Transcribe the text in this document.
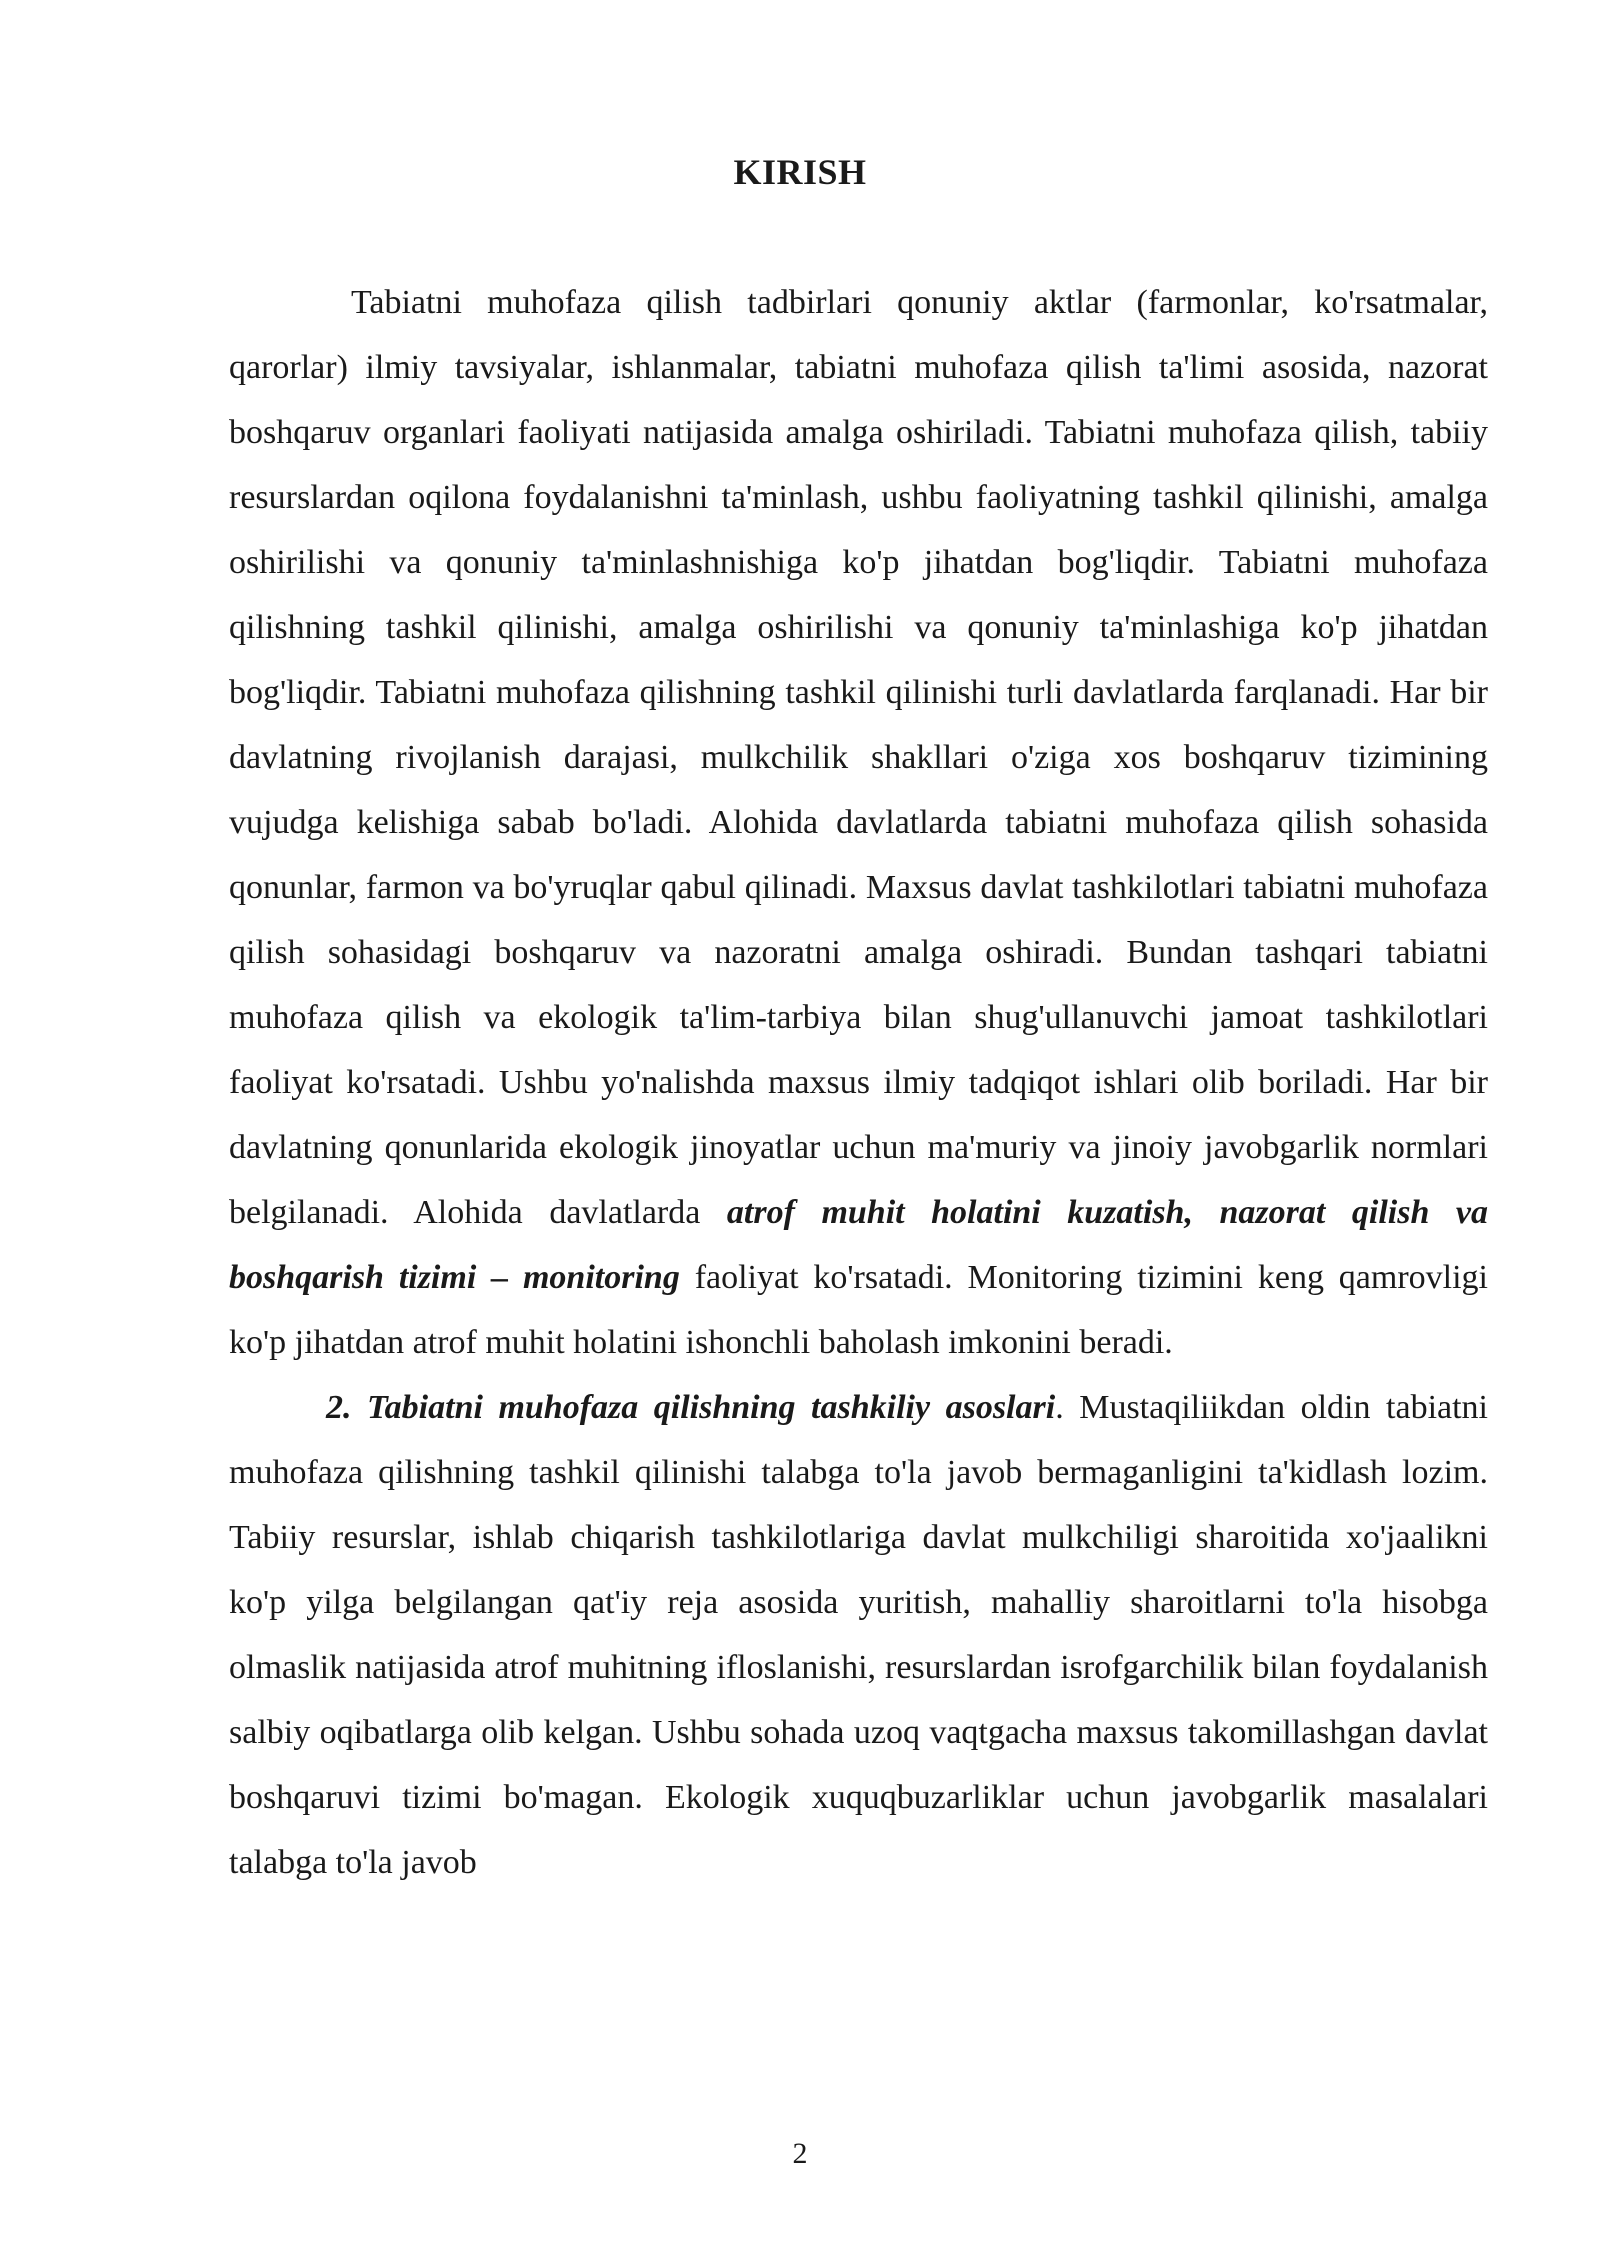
KIRISH

Tabiatni muhofaza qilish tadbirlari qonuniy aktlar (farmonlar, ko'rsatmalar, qarorlar) ilmiy tavsiyalar, ishlanmalar, tabiatni muhofaza qilish ta'limi asosida, nazorat boshqaruv organlari faoliyati natijasida amalga oshiriladi. Tabiatni muhofaza qilish, tabiiy resurslardan oqilona foydalanishni ta'minlash, ushbu faoliyatning tashkil qilinishi, amalga oshirilishi va qonuniy ta'minlashnishiga ko'p jihatdan bog'liqdir. Tabiatni muhofaza qilishning tashkil qilinishi, amalga oshirilishi va qonuniy ta'minlashiga ko'p jihatdan bog'liqdir. Tabiatni muhofaza qilishning tashkil qilinishi turli davlatlarda farqlanadi. Har bir davlatning rivojlanish darajasi, mulkchilik shakllari o'ziga xos boshqaruv tizimining vujudga kelishiga sabab bo'ladi. Alohida davlatlarda tabiatni muhofaza qilish sohasida qonunlar, farmon va bo'yruqlar qabul qilinadi. Maxsus davlat tashkilotlari tabiatni muhofaza qilish sohasidagi boshqaruv va nazoratni amalga oshiradi. Bundan tashqari tabiatni muhofaza qilish va ekologik ta'lim-tarbiya bilan shug'ullanuvchi jamoat tashkilotlari faoliyat ko'rsatadi. Ushbu yo'nalishda maxsus ilmiy tadqiqot ishlari olib boriladi. Har bir davlatning qonunlarida ekologik jinoyatlar uchun ma'muriy va jinoiy javobgarlik normlari belgilanadi. Alohida davlatlarda atrof muhit holatini kuzatish, nazorat qilish va boshqarish tizimi – monitoring faoliyat ko'rsatadi. Monitoring tizimini keng qamrovligi ko'p jihatdan atrof muhit holatini ishonchli baholash imkonini beradi.

2. Tabiatni muhofaza qilishning tashkiliy asoslari. Mustaqiliikdan oldin tabiatni muhofaza qilishning tashkil qilinishi talabga to'la javob bermaganligini ta'kidlash lozim. Tabiiy resurslar, ishlab chiqarish tashkilotlariga davlat mulkchiligi sharoitida xo'jaalikni ko'p yilga belgilangan qat'iy reja asosida yuritish, mahalliy sharoitlarni to'la hisobga olmaslik natijasida atrof muhitning ifloslanishi, resurslardan isrofgarchilik bilan foydalanish salbiy oqibatlarga olib kelgan. Ushbu sohada uzoq vaqtgacha maxsus takomillashgan davlat boshqaruvi tizimi bo'magan. Ekologik xuquqbuzarliklar uchun javobgarlik masalalari talabga to'la javob

2
